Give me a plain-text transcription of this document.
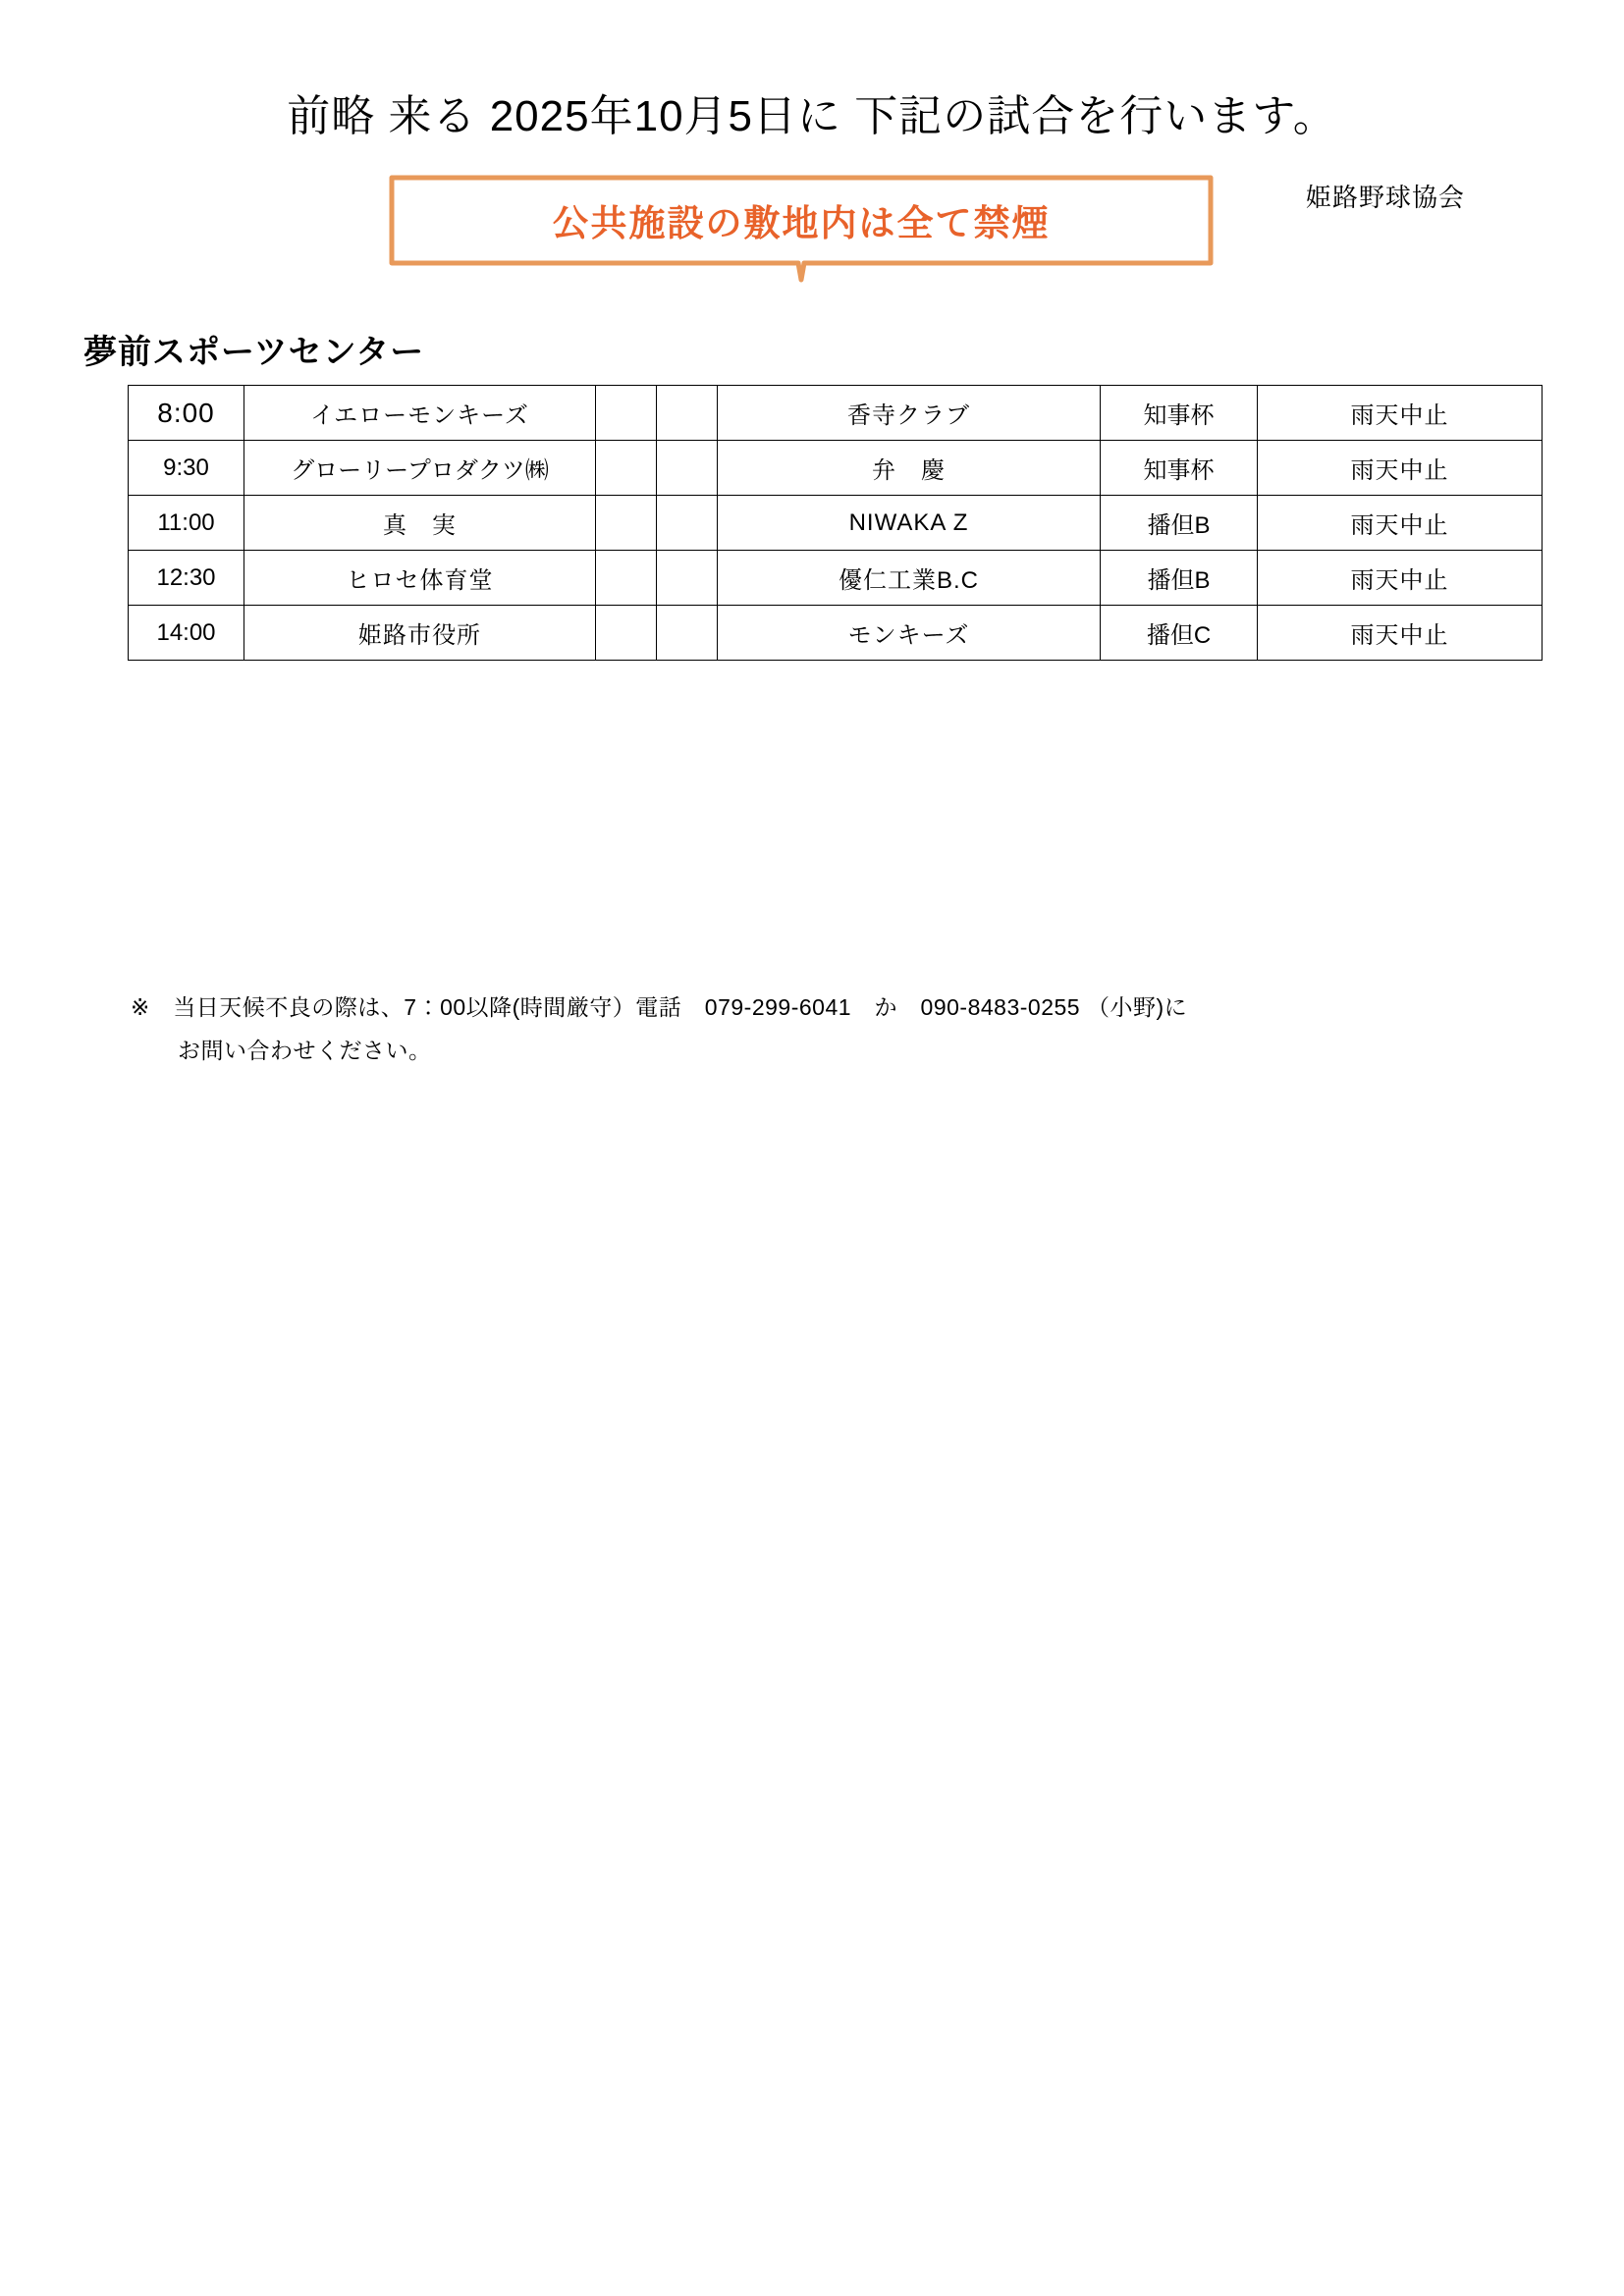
前略 来る 2025年10月5日に 下記の試合を行います。
姫路野球協会
公共施設の敷地内は全て禁煙
夢前スポーツセンター
8:00	イエローモンキーズ			香寺クラブ	知事杯	雨天中止
9:30	グローリープロダクツ㈱			弁　慶	知事杯	雨天中止
11:00	真　実			NIWAKA Z	播但B	雨天中止
12:30	ヒロセ体育堂			優仁工業B.C	播但B	雨天中止
14:00	姫路市役所			モンキーズ	播但C	雨天中止
※　当日天候不良の際は、7：00以降(時間厳守）電話　079-299-6041　か　090-8483-0255 （小野)に
お問い合わせください。
